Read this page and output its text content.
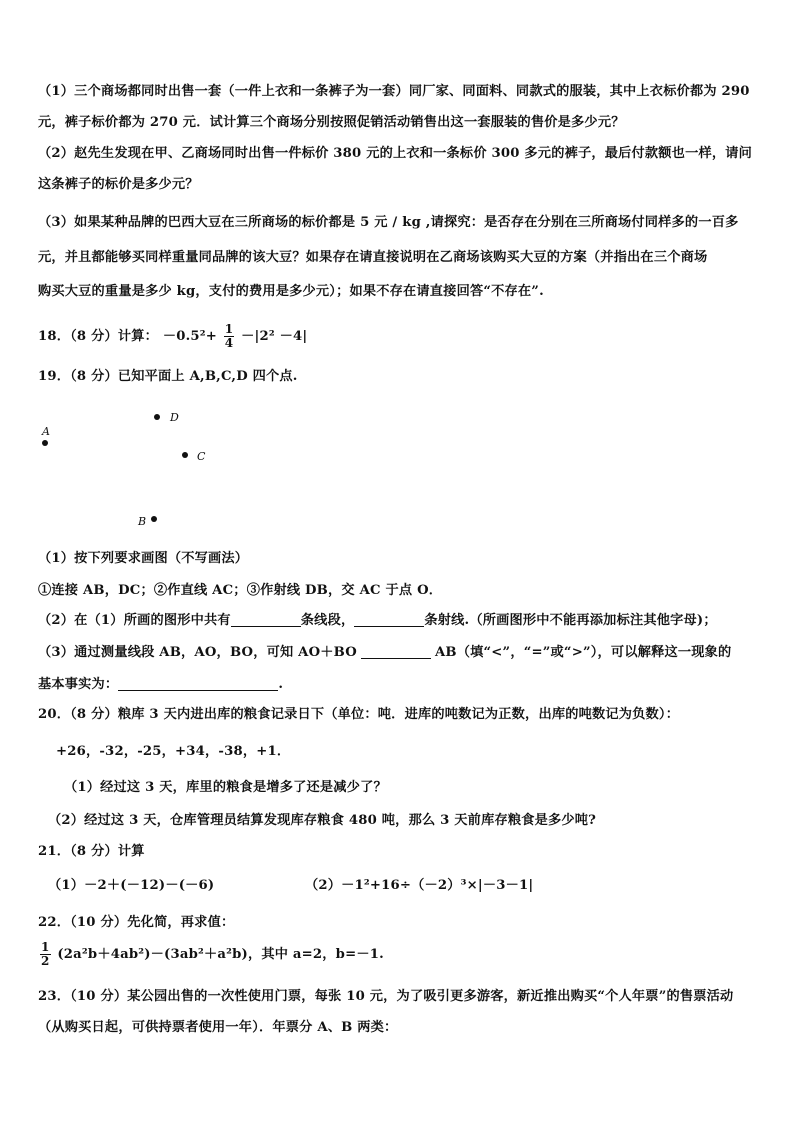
（1）三个商场都同时出售一套（一件上衣和一条裤子为一套）同厂家、同面料、同款式的服装，其中上衣标价都为 290
元，裤子标价都为 270 元．试计算三个商场分别按照促销活动销售出这一套服装的售价是多少元？
（2）赵先生发现在甲、乙商场同时出售一件标价 380 元的上衣和一条标价 300 多元的裤子，最后付款额也一样，请问
这条裤子的标价是多少元？
（3）如果某种品牌的巴西大豆在三所商场的标价都是 5 元 / kg ,请探究：是否存在分别在三所商场付同样多的一百多
元，并且都能够买同样重量同品牌的该大豆？如果存在请直接说明在乙商场该购买大豆的方案（并指出在三个商场
购买大豆的重量是多少 kg，支付的费用是多少元）；如果不存在请直接回答“不存在”.
18．（8 分）计算： $-0.5^2+ \frac{1}{4} -|2^2 -4|$
19．（8 分）已知平面上 A,B,C,D 四个点.
A
D
C
B
（1）按下列要求画图（不写画法）
①连接 AB，DC；②作直线 AC；③作射线 DB，交 AC 于点 O．
（2）在（1）所画的图形中共有	条线段，	条射线.（所画图形中不能再添加标注其他字母)；
（3）通过测量线段 AB，AO，BO，可知 AO＋BO	AB（填“<”，“=”或“>”），可以解释这一现象的
基本事实为：	.
20．（8 分）粮库 3 天内进出库的粮食记录日下（单位：吨．进库的吨数记为正数，出库的吨数记为负数）：
+26，-32，-25，+34，-38，+1．
（1）经过这 3 天，库里的粮食是增多了还是减少了？
（2）经过这 3 天，仓库管理员结算发现库存粮食 480 吨，那么 3 天前库存粮食是多少吨?
21．（8 分）计算
（1）－2＋(－12)－(－6)	（2）－1²+16÷（－2）³×|－3－1|
22．（10 分）先化简，再求值：
$\frac{1}{2} (2a^2b+4ab^2)-(3ab^2+a^2b)$，其中 a=2，b=－1.
23．（10 分）某公园出售的一次性使用门票，每张 10 元，为了吸引更多游客，新近推出购买“个人年票”的售票活动
（从购买日起，可供持票者使用一年）．年票分 A、B 两类：
